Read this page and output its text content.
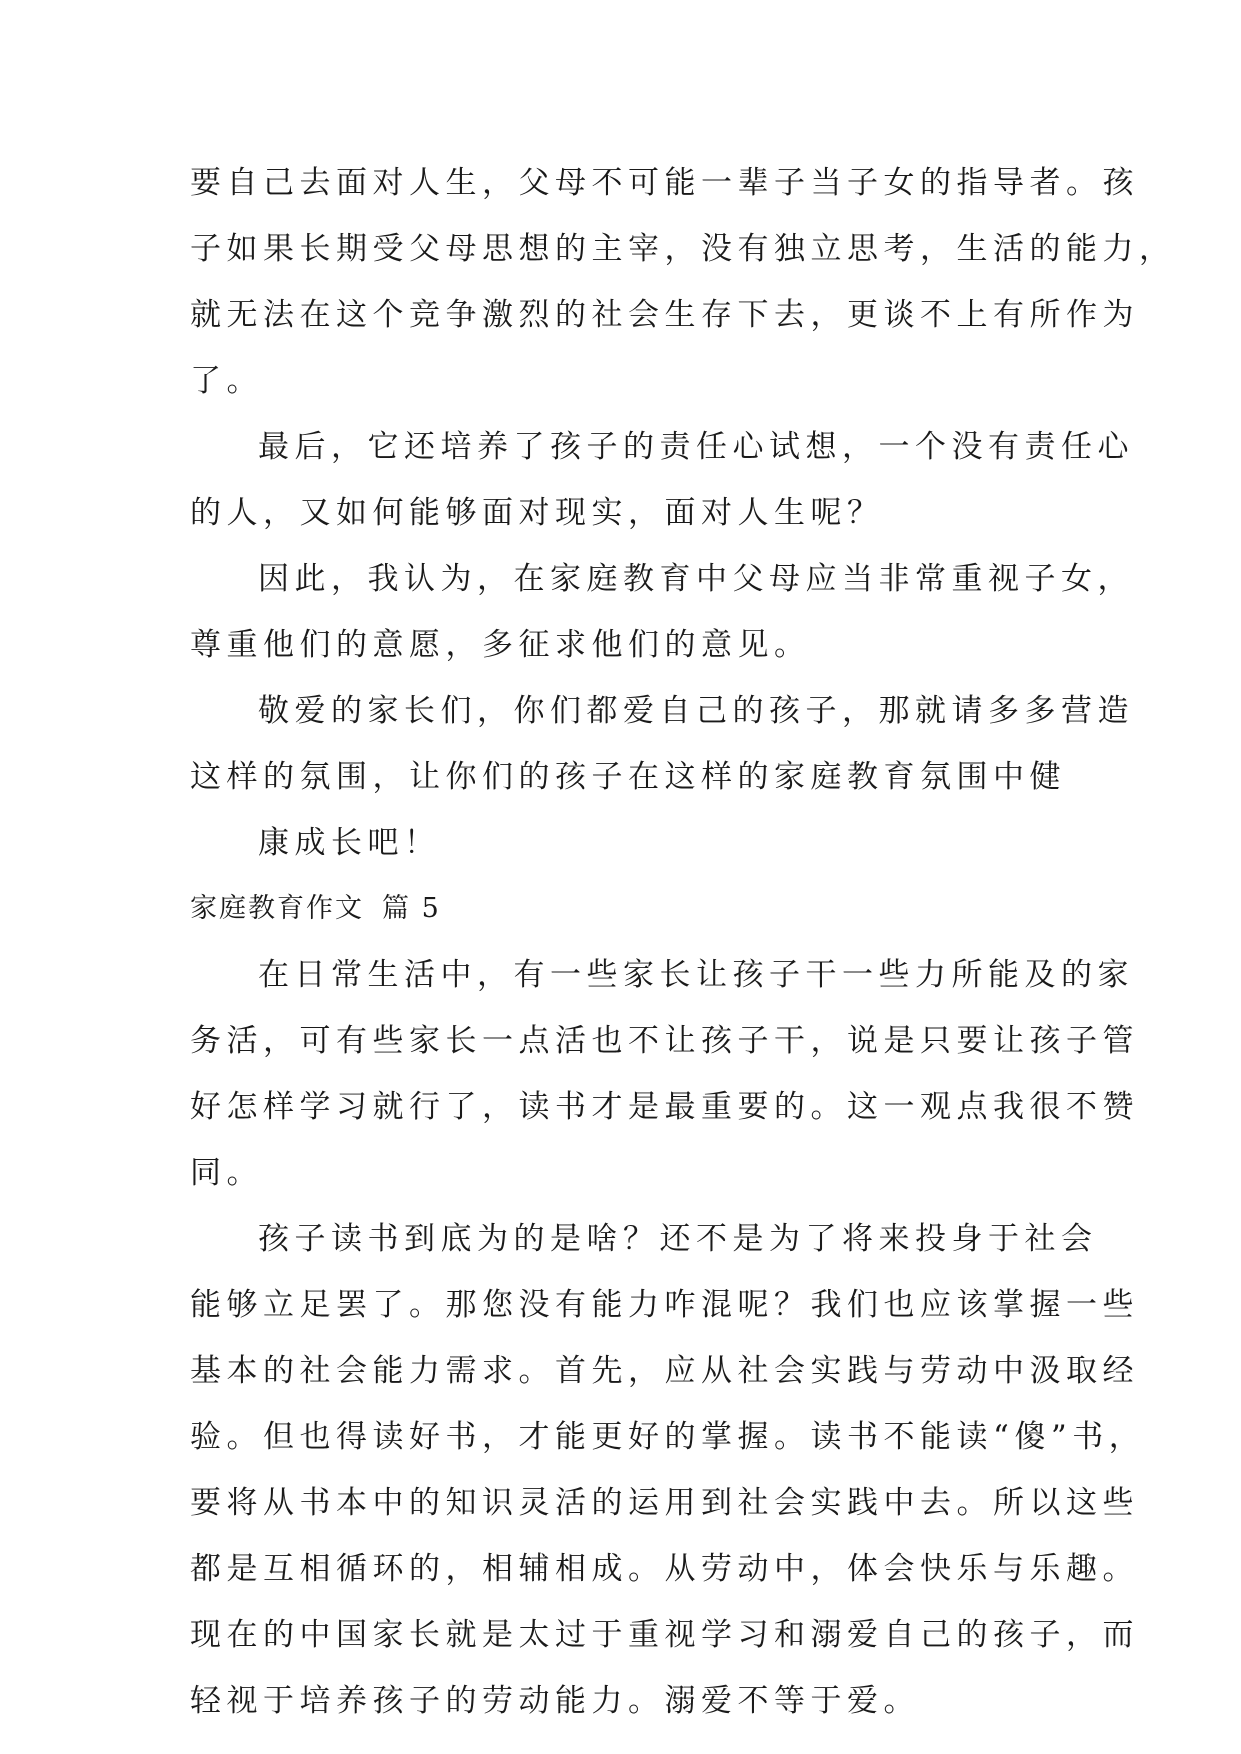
要自己去面对人生，父母不可能一辈子当子女的指导者。孩
子如果长期受父母思想的主宰，没有独立思考，生活的能力，
就无法在这个竞争激烈的社会生存下去，更谈不上有所作为
了。
最后，它还培养了孩子的责任心试想，一个没有责任心
的人，又如何能够面对现实，面对人生呢？
因此，我认为，在家庭教育中父母应当非常重视子女，
尊重他们的意愿，多征求他们的意见。
敬爱的家长们，你们都爱自己的孩子，那就请多多营造
这样的氛围，让你们的孩子在这样的家庭教育氛围中健
康成长吧！
家庭教育作文 篇 5
在日常生活中，有一些家长让孩子干一些力所能及的家
务活，可有些家长一点活也不让孩子干，说是只要让孩子管
好怎样学习就行了，读书才是最重要的。这一观点我很不赞
同。
孩子读书到底为的是啥？还不是为了将来投身于社会
能够立足罢了。那您没有能力咋混呢？我们也应该掌握一些
基本的社会能力需求。首先，应从社会实践与劳动中汲取经
验。但也得读好书，才能更好的掌握。读书不能读“傻”书，
要将从书本中的知识灵活的运用到社会实践中去。所以这些
都是互相循环的，相辅相成。从劳动中，体会快乐与乐趣。
现在的中国家长就是太过于重视学习和溺爱自己的孩子，而
轻视于培养孩子的劳动能力。溺爱不等于爱。
